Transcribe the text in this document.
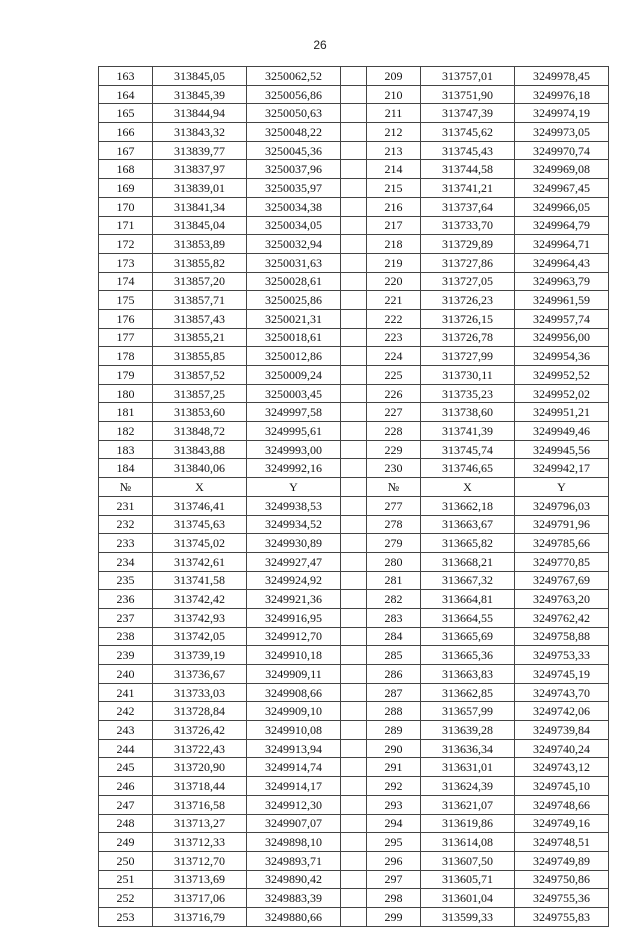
26
163	313845,05	3250062,52		209	313757,01	3249978,45
164	313845,39	3250056,86		210	313751,90	3249976,18
165	313844,94	3250050,63		211	313747,39	3249974,19
166	313843,32	3250048,22		212	313745,62	3249973,05
167	313839,77	3250045,36		213	313745,43	3249970,74
168	313837,97	3250037,96		214	313744,58	3249969,08
169	313839,01	3250035,97		215	313741,21	3249967,45
170	313841,34	3250034,38		216	313737,64	3249966,05
171	313845,04	3250034,05		217	313733,70	3249964,79
172	313853,89	3250032,94		218	313729,89	3249964,71
173	313855,82	3250031,63		219	313727,86	3249964,43
174	313857,20	3250028,61		220	313727,05	3249963,79
175	313857,71	3250025,86		221	313726,23	3249961,59
176	313857,43	3250021,31		222	313726,15	3249957,74
177	313855,21	3250018,61		223	313726,78	3249956,00
178	313855,85	3250012,86		224	313727,99	3249954,36
179	313857,52	3250009,24		225	313730,11	3249952,52
180	313857,25	3250003,45		226	313735,23	3249952,02
181	313853,60	3249997,58		227	313738,60	3249951,21
182	313848,72	3249995,61		228	313741,39	3249949,46
183	313843,88	3249993,00		229	313745,74	3249945,56
184	313840,06	3249992,16		230	313746,65	3249942,17
№	X	Y		№	X	Y
231	313746,41	3249938,53		277	313662,18	3249796,03
232	313745,63	3249934,52		278	313663,67	3249791,96
233	313745,02	3249930,89		279	313665,82	3249785,66
234	313742,61	3249927,47		280	313668,21	3249770,85
235	313741,58	3249924,92		281	313667,32	3249767,69
236	313742,42	3249921,36		282	313664,81	3249763,20
237	313742,93	3249916,95		283	313664,55	3249762,42
238	313742,05	3249912,70		284	313665,69	3249758,88
239	313739,19	3249910,18		285	313665,36	3249753,33
240	313736,67	3249909,11		286	313663,83	3249745,19
241	313733,03	3249908,66		287	313662,85	3249743,70
242	313728,84	3249909,10		288	313657,99	3249742,06
243	313726,42	3249910,08		289	313639,28	3249739,84
244	313722,43	3249913,94		290	313636,34	3249740,24
245	313720,90	3249914,74		291	313631,01	3249743,12
246	313718,44	3249914,17		292	313624,39	3249745,10
247	313716,58	3249912,30		293	313621,07	3249748,66
248	313713,27	3249907,07		294	313619,86	3249749,16
249	313712,33	3249898,10		295	313614,08	3249748,51
250	313712,70	3249893,71		296	313607,50	3249749,89
251	313713,69	3249890,42		297	313605,71	3249750,86
252	313717,06	3249883,39		298	313601,04	3249755,36
253	313716,79	3249880,66		299	313599,33	3249755,83
